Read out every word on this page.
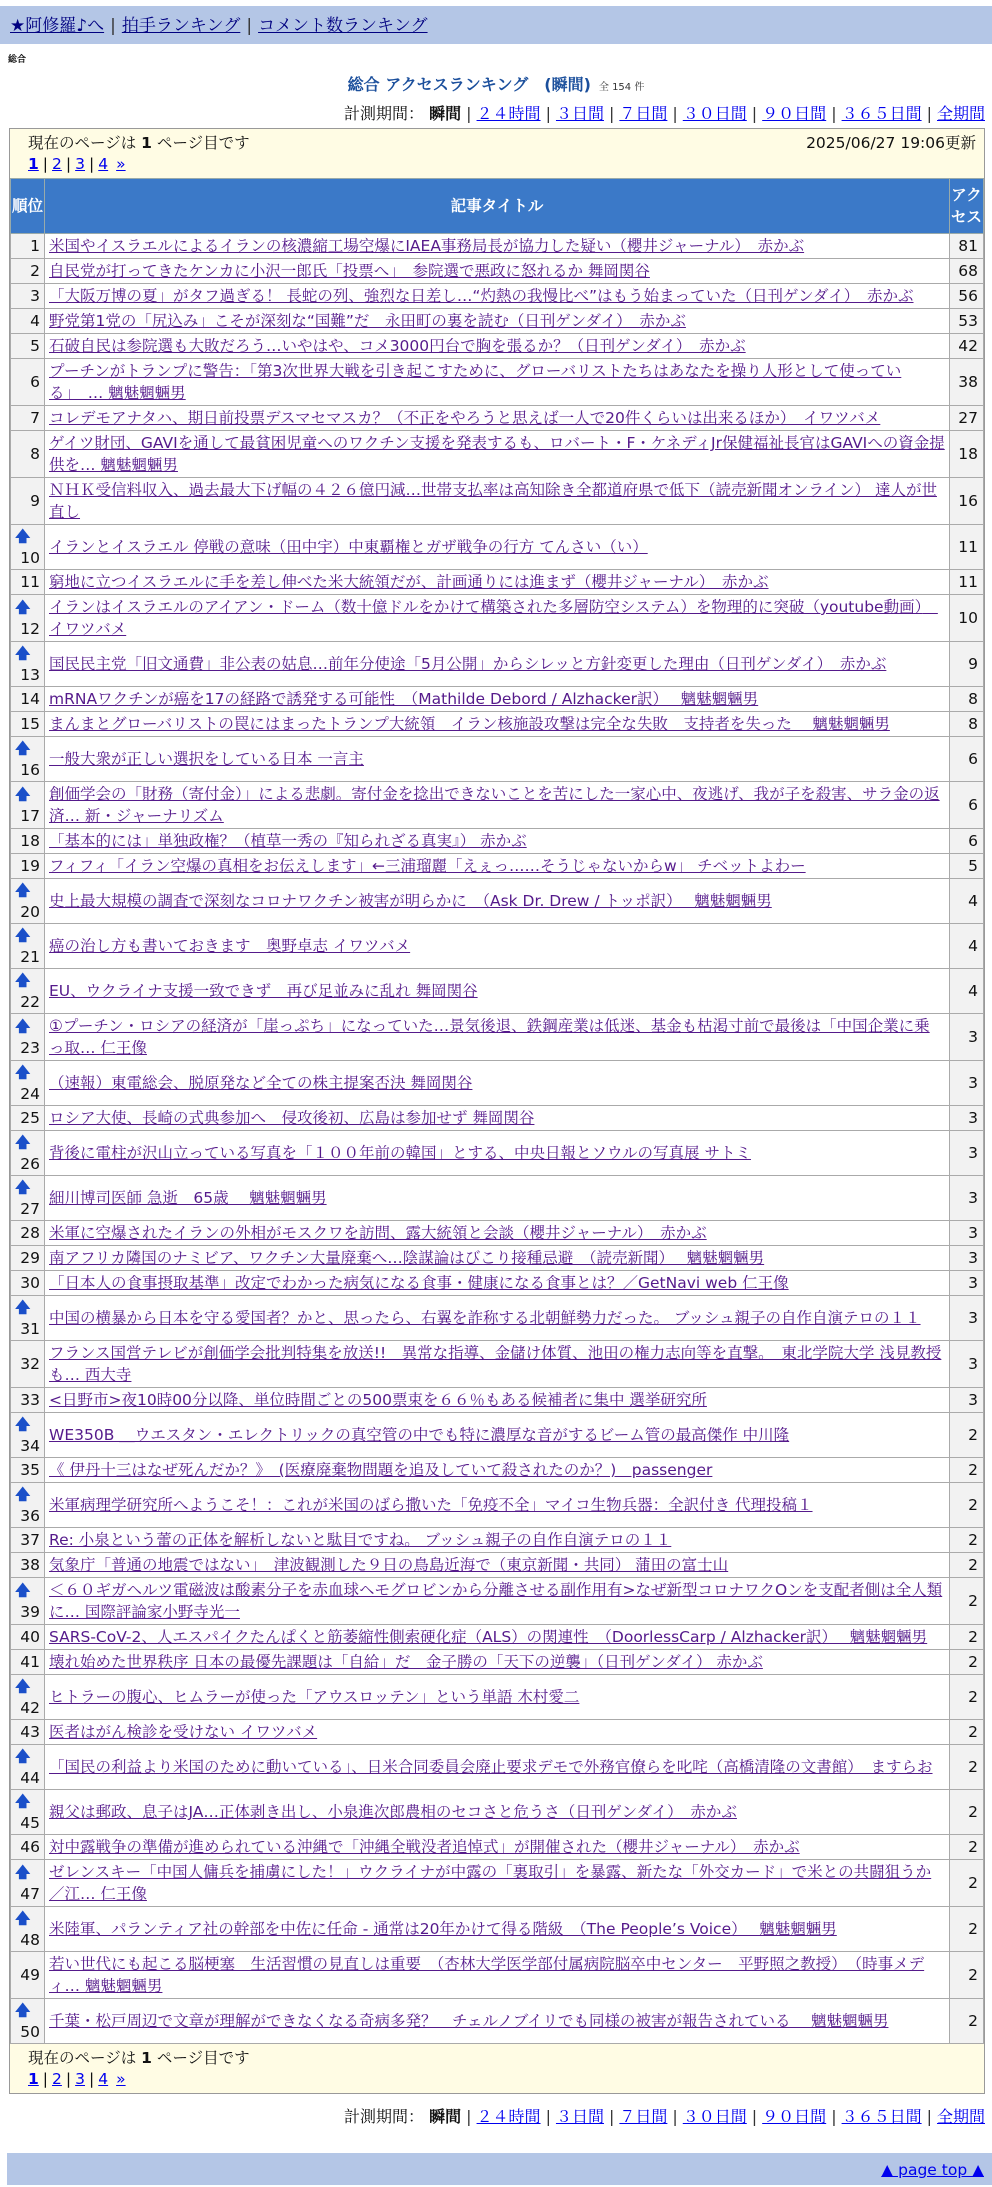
★阿修羅♪へ | 拍手ランキング | コメント数ランキング
総合
総合 アクセスランキング　(瞬間) 全 154 件
計測期間： 瞬間 | ２４時間 | ３日間 | ７日間 | ３０日間 | ９０日間 | ３６５日間 | 全期間
現在のページは 1 ページ目です	2025/06/27 19:06更新
1 | 2 | 3 | 4 »
順位	記事タイトル	アクセス
1	米国やイスラエルによるイランの核濃縮工場空爆にIAEA事務局長が協力した疑い（櫻井ジャーナル）　赤かぶ	81
2	自民党が打ってきたケンカに小沢一郎氏「投票へ」　参院選で悪政に怒れるか 舞岡関谷	68
3	「大阪万博の夏」がタフ過ぎる！ 長蛇の列、強烈な日差し…“灼熱の我慢比べ”はもう始まっていた（日刊ゲンダイ）　赤かぶ	56
4	野党第1党の「尻込み」こそが深刻な“国難”だ　永田町の裏を読む（日刊ゲンダイ）　赤かぶ	53
5	石破自民は参院選も大敗だろう…いやはや、コメ3000円台で胸を張るか？（日刊ゲンダイ）　赤かぶ	42
6	プーチンがトランプに警告：「第3次世界大戦を引き起こすために、グローバリストたちはあなたを操り人形として使っている」　… 魑魅魍魎男	38
7	コレデモアナタハ、期日前投票デスマセマスカ？（不正をやろうと思えば一人で20件くらいは出来るほか）　イワツバメ	27
8	ゲイツ財団、GAVIを通して最貧困児童へのワクチン支援を発表するも、ロバート・F・ケネディJr保健福祉長官はGAVIへの資金提供を… 魑魅魍魎男	18
9	ＮＨＫ受信料収入、過去最大下げ幅の４２６億円減…世帯支払率は高知除き全都道府県で低下（読売新聞オンライン） 達人が世直し	16

🡅
10	イランとイスラエル 停戦の意味（田中宇）中東覇権とガザ戦争の行方 てんさい（い）	11
11	窮地に立つイスラエルに手を差し伸べた米大統領だが、計画通りには進まず（櫻井ジャーナル）　赤かぶ	11

🡅
12	イランはイスラエルのアイアン・ドーム（数十億ドルをかけて構築された多層防空システム）を物理的に突破（youtube動画）　イワツバメ	10

🡅
13	国民民主党「旧文通費」非公表の姑息…前年分使途「5月公開」からシレッと方針変更した理由（日刊ゲンダイ）　赤かぶ	9
14	mRNAワクチンが癌を17の経路で誘発する可能性　（Mathilde Debord / Alzhacker訳）　 魑魅魍魎男	8
15	まんまとグローバリストの罠にはまったトランプ大統領　イラン核施設攻撃は完全な失敗　支持者を失った　 魑魅魍魎男	8

🡅
16	一般大衆が正しい選択をしている日本 一言主	6

🡅
17	創価学会の「財務（寄付金）」による悲劇。寄付金を捻出できないことを苦にした一家心中、夜逃げ、我が子を殺害、サラ金の返済… 新・ジャーナリズム	6
18	「基本的には」単独政権？（植草一秀の『知られざる真実』） 赤かぶ	6
19	フィフィ「イラン空爆の真相をお伝えします」←三浦瑠麗「えぇっ……そうじゃないからw」 チベットよわー	5

🡅
20	史上最大規模の調査で深刻なコロナワクチン被害が明らかに　（Ask Dr. Drew / トッポ訳）　 魑魅魍魎男	4

🡅
21	癌の治し方も書いておきます　奥野卓志 イワツバメ	4

🡅
22	EU、ウクライナ支援一致できず　再び足並みに乱れ 舞岡関谷	4

🡅
23	①プーチン・ロシアの経済が「崖っぷち」になっていた…景気後退、鉄鋼産業は低迷、基金も枯渇寸前で最後は「中国企業に乗っ取… 仁王像	3

🡅
24	（速報）東電総会、脱原発など全ての株主提案否決 舞岡関谷	3
25	ロシア大使、長崎の式典参加へ　侵攻後初、広島は参加せず 舞岡関谷	3

🡅
26	背後に電柱が沢山立っている写真を「１００年前の韓国」とする、中央日報とソウルの写真展 サトミ	3

🡅
27	細川博司医師 急逝　65歳　 魑魅魍魎男	3
28	米軍に空爆されたイランの外相がモスクワを訪問、露大統領と会談（櫻井ジャーナル）　赤かぶ	3
29	南アフリカ隣国のナミビア、ワクチン大量廃棄へ…陰謀論はびこり接種忌避　（読売新聞）　 魑魅魍魎男	3
30	「日本人の食事摂取基準」改定でわかった病気になる食事・健康になる食事とは？／GetNavi web 仁王像	3

🡅
31	中国の横暴から日本を守る愛国者？かと、思ったら、右翼を詐称する北朝鮮勢力だった。 ブッシュ親子の自作自演テロの１１	3
32	フランス国営テレビが創価学会批判特集を放送!!　異常な指導、金儲け体質、池田の権力志向等を直撃。　東北学院大学 浅見教授も… 西大寺	3
33	<日野市>夜10時00分以降、単位時間ごとの500票束を６６％もある候補者に集中 選挙研究所	3

🡅
34	WE350B ＿ウエスタン・エレクトリックの真空管の中でも特に濃厚な音がするビーム管の最高傑作 中川隆	2
35	《 伊丹十三はなぜ死んだか？》　(医療廃棄物問題を追及していて殺されたのか？)　passenger	2

🡅
36	米軍病理学研究所へようこそ！：これが米国のばら撒いた「免疫不全」マイコ生物兵器：全訳付き 代理投稿１	2
37	Re: 小泉という蕾の正体を解析しないと駄目ですね。 ブッシュ親子の自作自演テロの１１	2
38	気象庁「普通の地震ではない」　津波観測した９日の鳥島近海で（東京新聞・共同） 蒲田の富士山	2

🡅
39	＜６０ギガヘルツ電磁波は酸素分子を赤血球ヘモグロビンから分離させる副作用有>なぜ新型コロナワクOンを支配者側は全人類に… 国際評論家小野寺光一	2
40	SARS-CoV-2、人エスパイクたんぱくと筋萎縮性側索硬化症（ALS）の関連性　（DoorlessCarp / Alzhacker訳）　 魑魅魍魎男	2
41	壊れ始めた世界秩序 日本の最優先課題は「自給」だ　金子勝の「天下の逆襲」（日刊ゲンダイ） 赤かぶ	2

🡅
42	ヒトラーの腹心、ヒムラーが使った「アウスロッテン」という単語 木村愛二	2
43	医者はがん検診を受けない イワツバメ	2

🡅
44	「国民の利益より米国のために動いている」、日米合同委員会廃止要求デモで外務官僚らを叱咤（高橋清隆の文書館）　ますらお	2

🡅
45	親父は郵政、息子はJA…正体剥き出し、小泉進次郎農相のセコさと危うさ（日刊ゲンダイ）　赤かぶ	2
46	対中露戦争の準備が進められている沖縄で「沖縄全戦没者追悼式」が開催された（櫻井ジャーナル）　赤かぶ	2

🡅
47	ゼレンスキー「中国人傭兵を捕虜にした！」ウクライナが中露の「裏取引」を暴露、新たな「外交カード」で米との共闘狙うか／江… 仁王像	2

🡅
48	米陸軍、パランティア社の幹部を中佐に任命 - 通常は20年かけて得る階級　（The People’s Voice）　 魑魅魍魎男	2
49	若い世代にも起こる脳梗塞　生活習慣の見直しは重要　（杏林大学医学部付属病院脳卒中センター　平野照之教授）　（時事メディ… 魑魅魍魎男	2

🡅
50	千葉・松戸周辺で文章が理解ができなくなる奇病多発？　チェルノブイリでも同様の被害が報告されている　 魑魅魍魎男	2
現在のページは 1 ページ目です
1 | 2 | 3 | 4 »
計測期間： 瞬間 | ２４時間 | ３日間 | ７日間 | ３０日間 | ９０日間 | ３６５日間 | 全期間
▲ page top ▲
